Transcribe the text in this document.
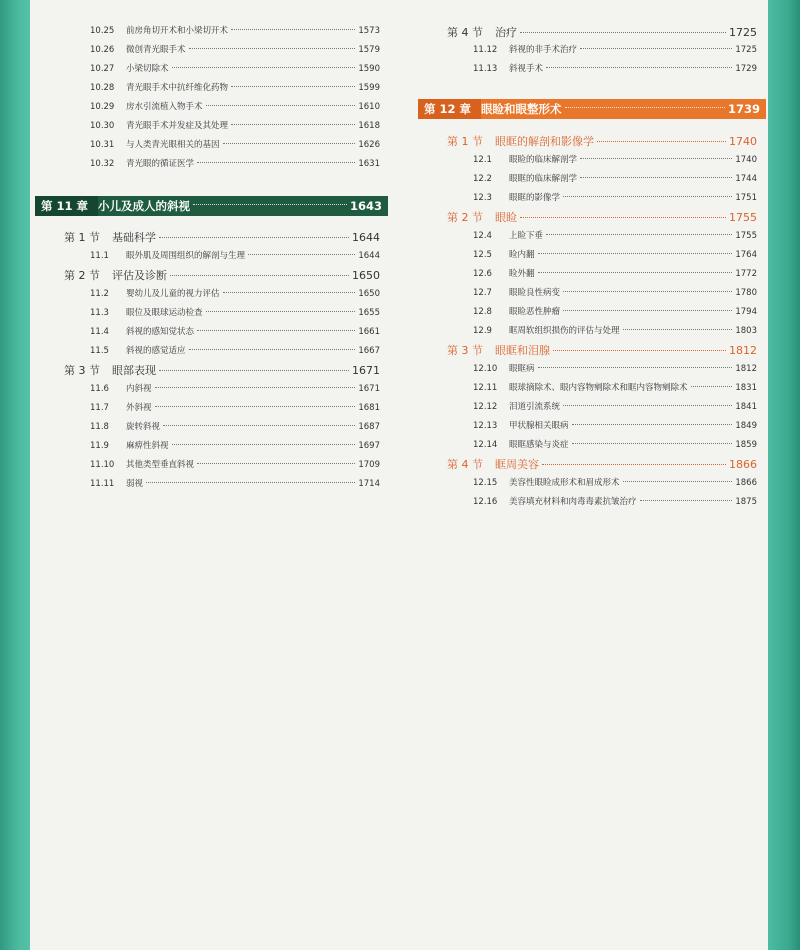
10.25	前房角切开术和小梁切开术	1573
10.26	微创青光眼手术	1579
10.27	小梁切除术	1590
10.28	青光眼手术中抗纤维化药物	1599
10.29	房水引流植入物手术	1610
10.30	青光眼手术并发症及其处理	1618
10.31	与人类青光眼相关的基因	1626
10.32	青光眼的循证医学	1631
第 11 章 小儿及成人的斜视	1643
第 1 节	基础科学	1644
11.1	眼外肌及周围组织的解剖与生理	1644
第 2 节	评估及诊断	1650
11.2	婴幼儿及儿童的视力评估	1650
11.3	眼位及眼球运动检查	1655
11.4	斜视的感知觉状态	1661
11.5	斜视的感觉适应	1667
第 3 节	眼部表现	1671
11.6	内斜视	1671
11.7	外斜视	1681
11.8	旋转斜视	1687
11.9	麻痹性斜视	1697
11.10	其他类型垂直斜视	1709
11.11	弱视	1714
第 4 节	治疗	1725
11.12	斜视的非手术治疗	1725
11.13	斜视手术	1729
第 12 章 眼睑和眼整形术	1739
第 1 节	眼眶的解剖和影像学	1740
12.1	眼睑的临床解剖学	1740
12.2	眼眶的临床解剖学	1744
12.3	眼眶的影像学	1751
第 2 节	眼睑	1755
12.4	上睑下垂	1755
12.5	睑内翻	1764
12.6	睑外翻	1772
12.7	眼睑良性病变	1780
12.8	眼睑恶性肿瘤	1794
12.9	眶周软组织损伤的评估与处理	1803
第 3 节	眼眶和泪腺	1812
12.10	眼眶病	1812
12.11	眼球摘除术、眼内容物剜除术和眶内容物剜除术	1831
12.12	泪道引流系统	1841
12.13	甲状腺相关眼病	1849
12.14	眼眶感染与炎症	1859
第 4 节	眶周美容	1866
12.15	美容性眼睑成形术和眉成形术	1866
12.16	美容填充材料和肉毒毒素抗皱治疗	1875
